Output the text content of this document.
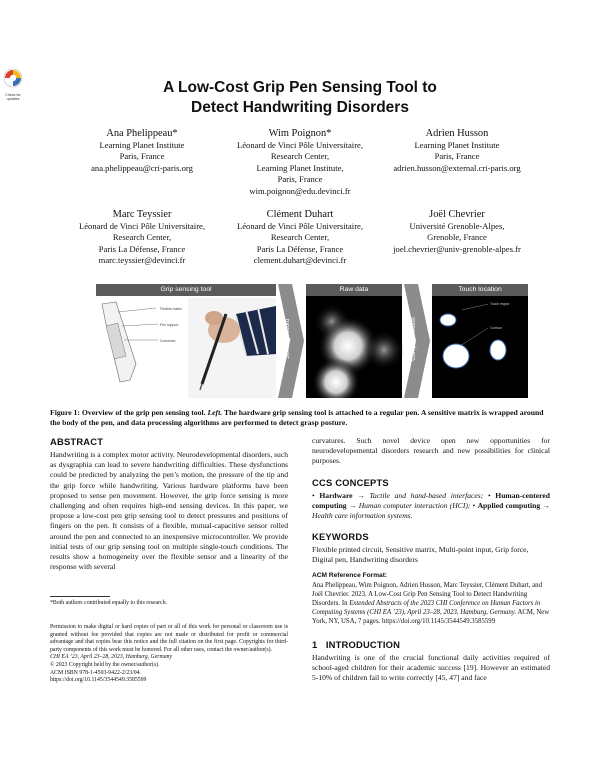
Check for updates
A Low-Cost Grip Pen Sensing Tool to
Detect Handwriting Disorders
Ana Phelippeau*
Learning Planet Institute
Paris, France
ana.phelippeau@cri-paris.org
Wim Poignon*
Léonard de Vinci Pôle Universitaire,
Research Center,
Learning Planet Institute,
Paris, France
wim.poignon@edu.devinci.fr
Adrien Husson
Learning Planet Institute
Paris, France
adrien.husson@external.cri-paris.org
Marc Teyssier
Léonard de Vinci Pôle Universitaire,
Research Center,
Paris La Défense, France
marc.teyssier@devinci.fr
Clément Duhart
Léonard de Vinci Pôle Universitaire,
Research Center,
Paris La Défense, France
clement.duhart@devinci.fr
Joël Chevrier
Université Grenoble-Alpes,
Grenoble, France
joel.chevrier@univ-grenoble-alpes.fr
Flexible matrix
Pen support
Connector
Touch region
Contour
Grip sensing tool	Raw data	Touch location
Sensing record	Computer vision
Figure 1: Overview of the grip pen sensing tool. Left. The hardware grip sensing tool is attached to a regular pen. A sensitive matrix is wrapped around the body of the pen, and data processing algorithms are performed to detect grasp posture.
ABSTRACT
Handwriting is a complex motor activity. Neurodevelopmental disorders, such as dysgraphia can lead to severe handwriting difficulties. These dysfunctions could be predicted by analyzing the pen’s motion, the pressure of the tip and the grip force while handwriting. Various hardware platforms have been proposed to sense pen movement. However, the grip force sensing is more challenging and often requires high-end sensing devices. In this paper, we propose a low-cost pen grip sensing tool to detect pressures and positions of fingers on the pen. It consists of a flexible, mutual-capacitive sensor rolled around the pen and connected to an inexpensive microcontroller. We provide initial tests of our grip sensing tool on multiple single-touch conditions. The results show a homogeneity over the flexible sensor and a linearity of the response with several
*Both authors contributed equally to this research.
Permission to make digital or hard copies of part or all of this work for personal or classroom use is granted without fee provided that copies are not made or distributed for profit or commercial advantage and that copies bear this notice and the full citation on the first page. Copyrights for third-party components of this work must be honored. For all other uses, contact the owner/author(s).
CHI EA ’23, April 23–28, 2023, Hamburg, Germany
© 2023 Copyright held by the owner/author(s).
ACM ISBN 978-1-4503-9422-2/23/04.
https://doi.org/10.1145/3544549.3585599
curvatures. Such novel device open new opportunities for neurodevelopemental disorders research and new possibilities for clinical purposes.
CCS CONCEPTS
• Hardware → Tactile and hand-based interfaces; • Human-centered computing → Human computer interaction (HCI); • Applied computing → Health care information systems.
KEYWORDS
Flexible printed circuit, Sensitive matrix, Multi-point input, Grip force, Digital pen, Handwriting disorders
ACM Reference Format:
Ana Phelippeau, Wim Poignon, Adrien Husson, Marc Teyssier, Clément Duhart, and Joël Chevrier. 2023. A Low-Cost Grip Pen Sensing Tool to Detect Handwriting Disorders. In Extended Abstracts of the 2023 CHI Conference on Human Factors in Computing Systems (CHI EA ’23), April 23–28, 2023, Hamburg, Germany. ACM, New York, NY, USA, 7 pages. https://doi.org/10.1145/3544549.3585599
1   INTRODUCTION
Handwriting is one of the crucial functional daily activities required of school-aged children for their academic success [19]. However an estimated 5-10% of children fail to write correctly [45, 47] and face
